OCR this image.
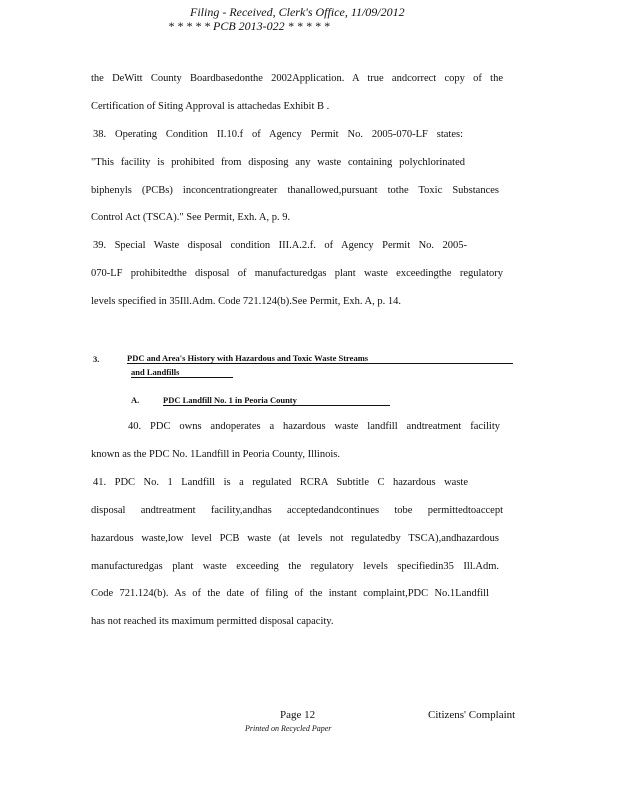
Filing - Received, Clerk's Office, 11/09/2012
* * * * * PCB 2013-022 * * * * *
the DeWitt County Boardbasedonthe 2002Application. A true andcorrect copy of the
Certification of Siting Approval is attachedas Exhibit B .
38. Operating Condition II.10.f of Agency Permit No. 2005-070-LF states:
"This facility is prohibited from disposing any waste containing polychlorinated
biphenyls (PCBs) inconcentrationgreater thanallowed,pursuant tothe Toxic Substances
Control Act (TSCA)." See Permit, Exh. A, p. 9.
39. Special Waste disposal condition III.A.2.f. of Agency Permit No. 2005-
070-LF prohibitedthe disposal of manufacturedgas plant waste exceedingthe regulatory
levels specified in 35Ill.Adm. Code 721.124(b).See Permit, Exh. A, p. 14.
3.	PDC and Area's History with Hazardous and Toxic Waste Streams
and Landfills
A.	PDC Landfill No. 1 in Peoria County
40. PDC owns andoperates a hazardous waste landfill andtreatment facility
known as the PDC No. 1Landfill in Peoria County, Illinois.
41. PDC No. 1 Landfill is a regulated RCRA Subtitle C hazardous waste
disposal andtreatment facility,andhas acceptedandcontinues tobe permittedtoaccept
hazardous waste,low level PCB waste (at levels not regulatedby TSCA),andhazardous
manufacturedgas plant waste exceeding the regulatory levels specifiedin35 Ill.Adm.
Code 721.124(b). As of the date of filing of the instant complaint,PDC No.1Landfill
has not reached its maximum permitted disposal capacity.
Page 12	Citizens' Complaint
Printed on Recycled Paper
